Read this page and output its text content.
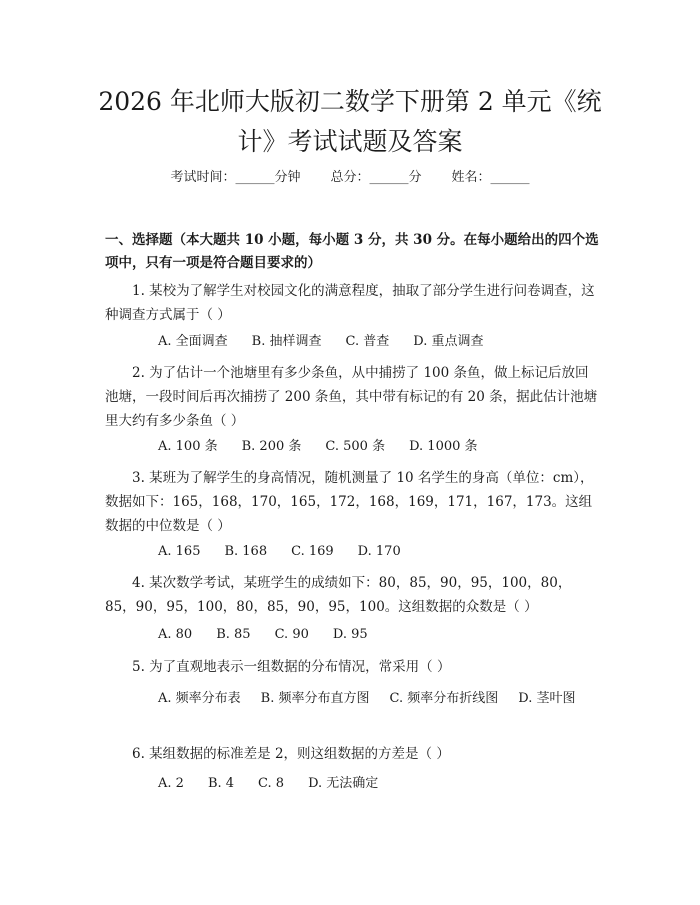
2026 年北师大版初二数学下册第 2 单元《统计》考试试题及答案
考试时间：______分钟 总分：______分 姓名：______
一、选择题（本大题共 10 小题，每小题 3 分，共 30 分。在每小题给出的四个选项中，只有一项是符合题目要求的）
1. 某校为了解学生对校园文化的满意程度，抽取了部分学生进行问卷调查，这种调查方式属于（ ）
A. 全面调查 B. 抽样调查 C. 普查 D. 重点调查
2. 为了估计一个池塘里有多少条鱼，从中捕捞了 100 条鱼，做上标记后放回池塘，一段时间后再次捕捞了 200 条鱼，其中带有标记的有 20 条，据此估计池塘里大约有多少条鱼（ ）
A. 100 条 B. 200 条 C. 500 条 D. 1000 条
3. 某班为了解学生的身高情况，随机测量了 10 名学生的身高（单位：cm），数据如下：165，168，170，165，172，168，169，171，167，173。这组数据的中位数是（ ）
A. 165 B. 168 C. 169 D. 170
4. 某次数学考试，某班学生的成绩如下：80，85，90，95，100，80，85，90，95，100，80，85，90，95，100。这组数据的众数是（ ）
A. 80 B. 85 C. 90 D. 95
5. 为了直观地表示一组数据的分布情况，常采用（ ）
A. 频率分布表 B. 频率分布直方图 C. 频率分布折线图 D. 茎叶图
6. 某组数据的标准差是 2，则这组数据的方差是（ ）
A. 2 B. 4 C. 8 D. 无法确定
